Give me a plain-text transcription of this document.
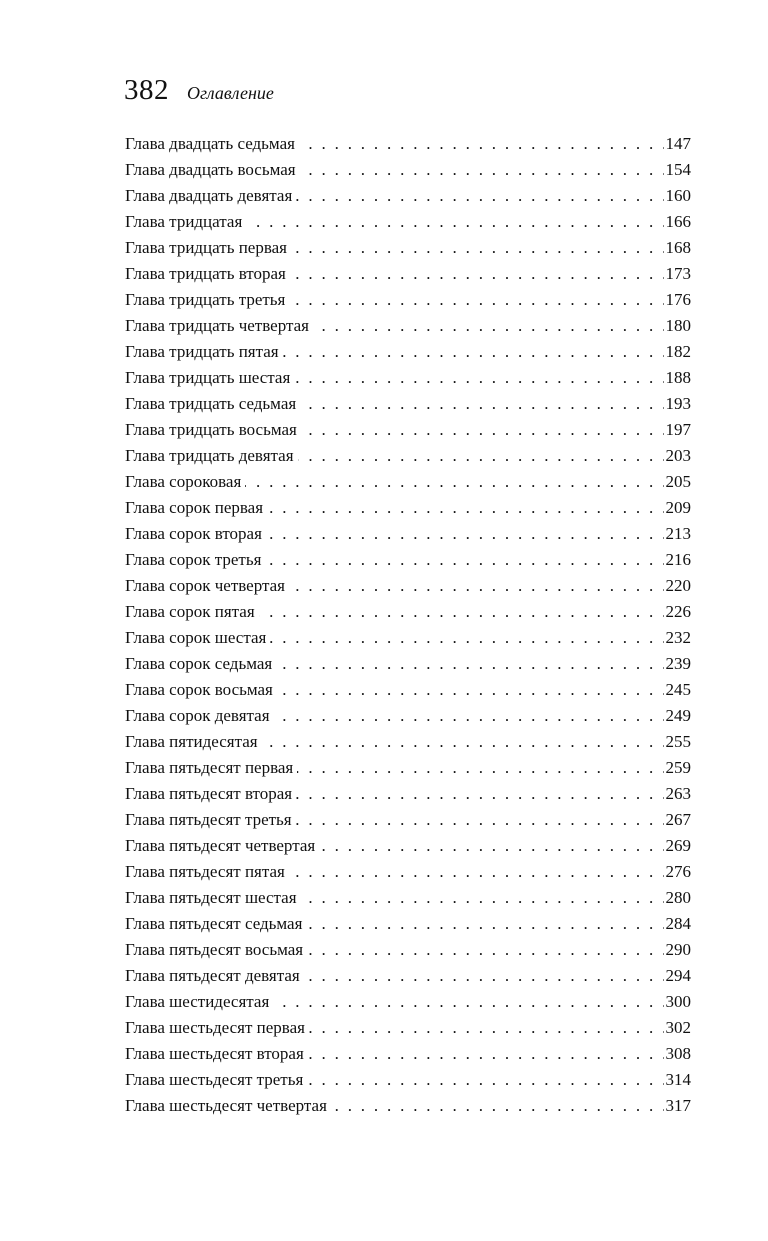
382 Оглавление
. . . Глава двадцать седьмая	147
. . . Глава двадцать восьмая	154
. . . Глава двадцать девятая	160
. . . Глава тридцатая	166
. . . Глава тридцать первая	168
. . . Глава тридцать вторая	173
. . . Глава тридцать третья	176
. . . Глава тридцать четвертая	180
. . . Глава тридцать пятая	182
. . . Глава тридцать шестая	188
. . . Глава тридцать седьмая	193
. . . Глава тридцать восьмая	197
. . . Глава тридцать девятая	203
. . . Глава сороковая	205
. . . Глава сорок первая	209
. . . Глава сорок вторая	213
. . . Глава сорок третья	216
. . . Глава сорок четвертая	220
. . . Глава сорок пятая	226
. . . Глава сорок шестая	232
. . . Глава сорок седьмая	239
. . . Глава сорок восьмая	245
. . . Глава сорок девятая	249
. . . Глава пятидесятая	255
. . . Глава пятьдесят первая	259
. . . Глава пятьдесят вторая	263
. . . Глава пятьдесят третья	267
. . . Глава пятьдесят четвертая	269
. . . Глава пятьдесят пятая	276
. . . Глава пятьдесят шестая	280
. . . Глава пятьдесят седьмая	284
. . . Глава пятьдесят восьмая	290
. . . Глава пятьдесят девятая	294
. . . Глава шестидесятая	300
. . . Глава шестьдесят первая	302
. . . Глава шестьдесят вторая	308
. . . Глава шестьдесят третья	314
. . . Глава шестьдесят четвертая	317
